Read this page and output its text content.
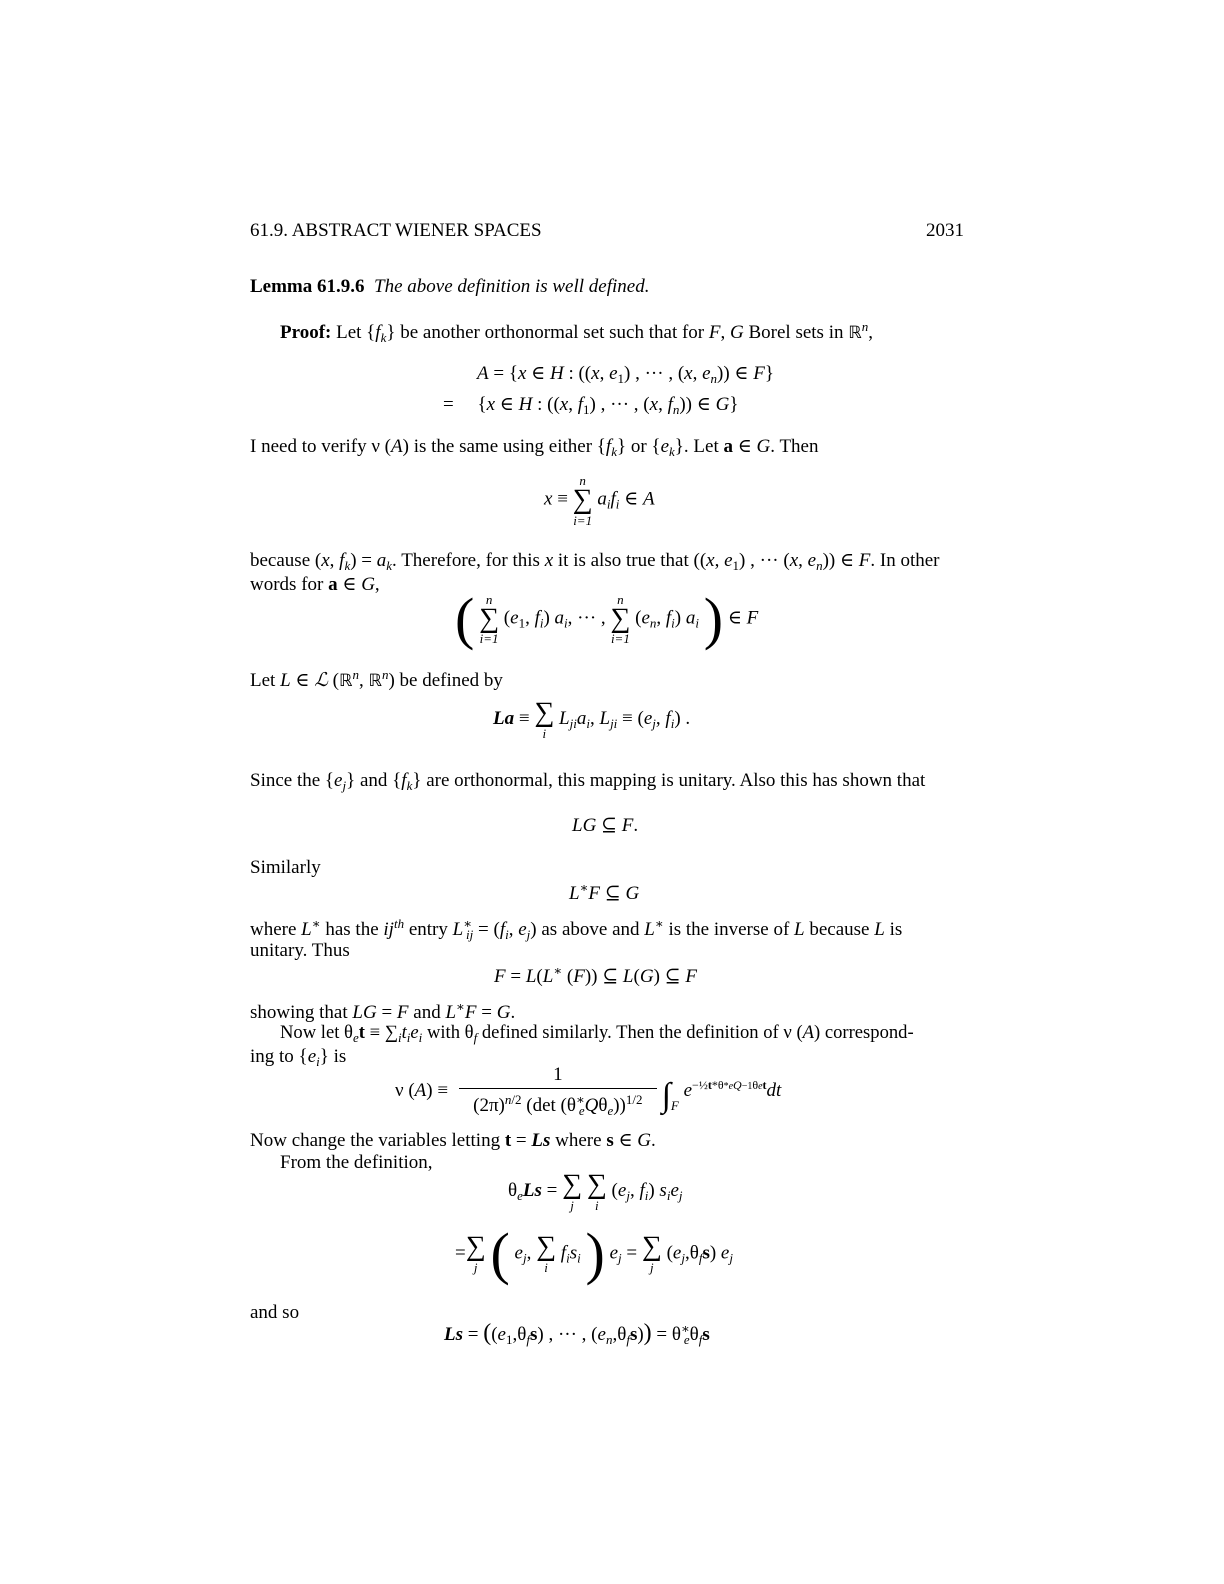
61.9. ABSTRACT WIENER SPACES	2031
Lemma 61.9.6 The above definition is well defined.
Proof: Let $\{f_k\}$ be another orthonormal set such that for F, G Borel sets in ℝ$^n$,
A = {x ∈ H : ((x, $e_1$) , ··· , (x, $e_n$)) ∈ F}
=     {x ∈ H : ((x, $f_1$) , ··· , (x, $f_n$)) ∈ G}
I need to verify ν (A) is the same using either $\{f_k\}$ or $\{e_k\}$. Let a ∈ G. Then
x ≡
n
∑
i=1
$a_if_i$ ∈ A
because (x, $f_k) = a_k$. Therefore, for this x it is also true that ((x, $e_1$) , ··· (x, $e_n$)) ∈ F. In other
words for a ∈ G,
( n
∑
i=1
($e_1$, $f_i$) $a_i$, ··· ,
n
∑
i=1
($e_n$, $f_i$) $a_i$ ) ∈ F
Let L ∈ ℒ (ℝ$^n$, ℝ$^n$) be defined by
La ≡ ∑
i
$L_{ji}a_i$, $L_{ji} \equiv (e_j$, $f_i$) .
Since the $\{e_j\}$ and $\{f_k\}$ are orthonormal, this mapping is unitary. Also this has shown that
LG ⊆ F.
Similarly
L∗F ⊆ G
where L∗ has the $ij^{th}$ entry $L^∗_{ij} = (f_i$, $e_j$) as above and L∗ is the inverse of L because L is
unitary. Thus
F = L(L∗ (F)) ⊆ L(G) ⊆ F
showing that LG = F and L∗F = G.
Now let $\theta_et \equiv \sum_it_ie_i$ with $\theta_f$ defined similarly. Then the definition of ν (A) correspond-
ing to $\{e_i\}$ is
ν $(A) \equiv \frac{1}{(2\pi)^{n/2} (\det (\theta^∗_eQ\theta_e))^{1/2}} \int_F$ $e^{-\frac{1}{2}t*\theta*eQ-1\theta et}dt$
Now change the variables letting t = Ls where s ∈ G.
From the definition,
$\theta_eLs$ = ∑
j

∑
i
($e_j$, $f_i$) $s_ie_j$
= ∑
j ( $e_j$, ∑
i
$f_is_i$ ) $e_j$ = ∑
j
$(e_j,\theta_fs)$ $e_j$
and so
$Ls = ((e_1,\theta_fs)$ , ··· , $(e_n,\theta_fs)) = \theta^∗_e\theta_fs$
